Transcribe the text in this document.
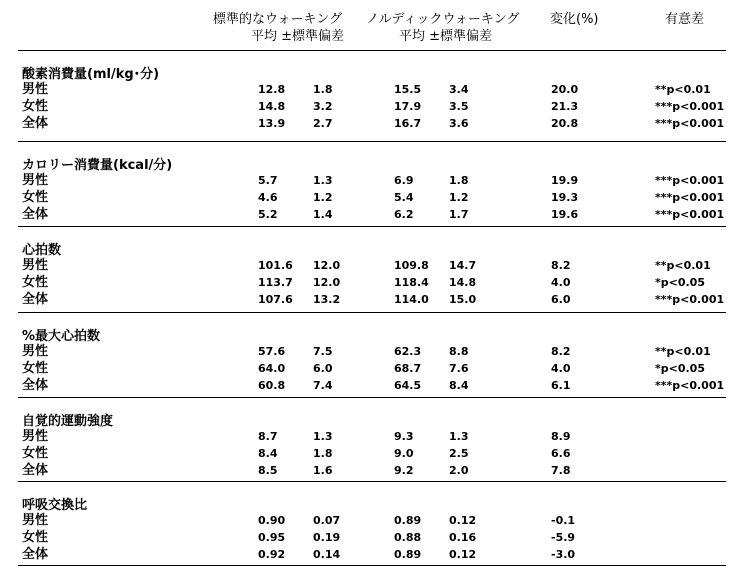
標準的なウォーキング
平均 ±標準偏差
ノルディックウォーキング
平均 ±標準偏差
変化(%)	有意差
酸素消費量(ml/kg･分)
男性	12.8	1.8	15.5	3.4	20.0	**p<0.01
女性	14.8	3.2	17.9	3.5	21.3	***p<0.001
全体	13.9	2.7	16.7	3.6	20.8	***p<0.001
カロリー消費量(kcal/分)
男性	5.7	1.3	6.9	1.8	19.9	***p<0.001
女性	4.6	1.2	5.4	1.2	19.3	***p<0.001
全体	5.2	1.4	6.2	1.7	19.6	***p<0.001
心拍数
男性	101.6 12.0	109.8 14.7	8.2	**p<0.01
女性	113.7 12.0	118.4 14.8	4.0	*p<0.05
全体	107.6 13.2	114.0 15.0	6.0	***p<0.001
%最大心拍数
男性	57.6	7.5	62.3	8.8	8.2	**p<0.01
女性	64.0	6.0	68.7	7.6	4.0	*p<0.05
全体	60.8	7.4	64.5	8.4	6.1	***p<0.001
自覚的運動強度
男性	8.7	1.3	9.3	1.3	8.9
女性	8.4	1.8	9.0	2.5	6.6
全体	8.5	1.6	9.2	2.0	7.8
呼吸交換比
男性	0.90	0.07	0.89	0.12	-0.1
女性	0.95	0.19	0.88	0.16	-5.9
全体	0.92	0.14	0.89	0.12	-3.0
